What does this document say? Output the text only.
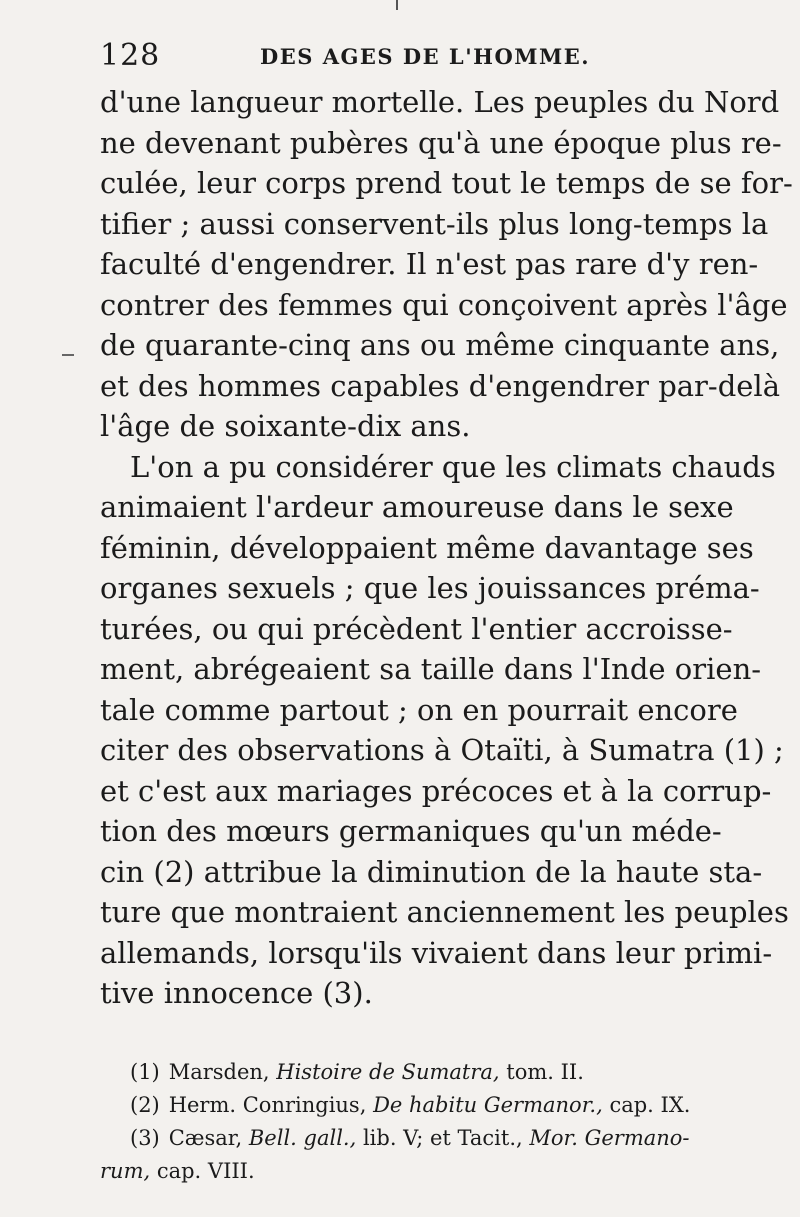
128	DES AGES DE L'HOMME.
d'une langueur mortelle. Les peuples du Nord
ne devenant pubères qu'à une époque plus re-
culée, leur corps prend tout le temps de se for-
tifier ; aussi conservent-ils plus long-temps la
faculté d'engendrer. Il n'est pas rare d'y ren-
contrer des femmes qui conçoivent après l'âge
de quarante-cinq ans ou même cinquante ans,
et des hommes capables d'engendrer par-delà
l'âge de soixante-dix ans.
L'on a pu considérer que les climats chauds
animaient l'ardeur amoureuse dans le sexe
féminin, développaient même davantage ses
organes sexuels ; que les jouissances préma-
turées, ou qui précèdent l'entier accroisse-
ment, abrégeaient sa taille dans l'Inde orien-
tale comme partout ; on en pourrait encore
citer des observations à Otaïti, à Sumatra (1) ;
et c'est aux mariages précoces et à la corrup-
tion des mœurs germaniques qu'un méde-
cin (2) attribue la diminution de la haute sta-
ture que montraient anciennement les peuples
allemands, lorsqu'ils vivaient dans leur primi-
tive innocence (3).
(1) Marsden, Histoire de Sumatra, tom. II.
(2) Herm. Conringius, De habitu Germanor., cap. IX.
(3) Cæsar, Bell. gall., lib. V; et Tacit., Mor. Germano-
rum, cap. VIII.
